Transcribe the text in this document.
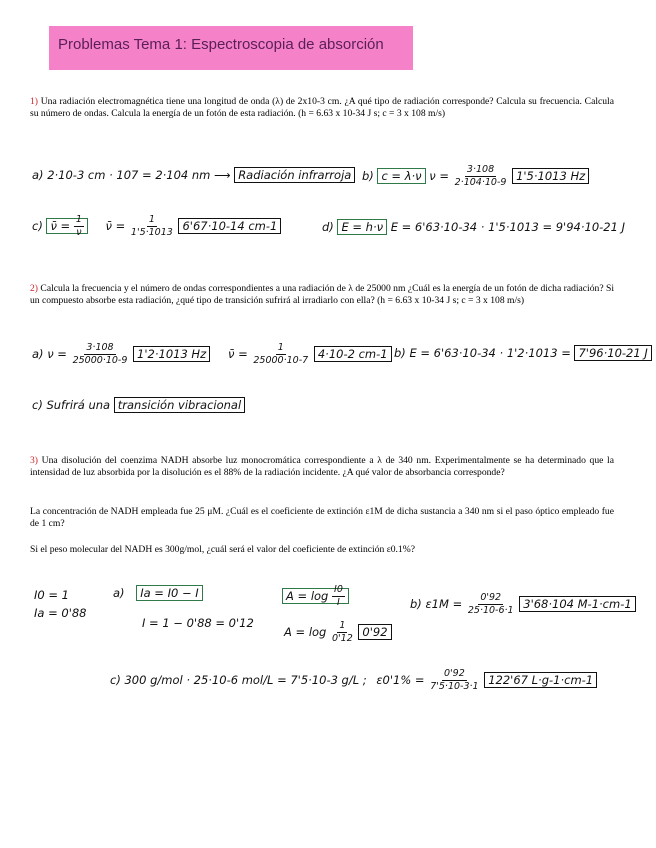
Problemas Tema 1: Espectroscopia de absorción
1) Una radiación electromagnética tiene una longitud de onda (λ) de 2x10-3 cm. ¿A qué tipo de radiación corresponde? Calcula su frecuencia. Calcula su número de ondas. Calcula la energía de un fotón de esta radiación. (h = 6.63 x 10-34 J s; c = 3 x 108 m/s)
a) 2·10-3 cm · 107 = 2·104 nm ⟶ Radiación infrarroja b) c = λ·ν $\nu = \frac{3\cdot 108}{2\cdot 104\cdot 10-9} 1'5\cdot 1013$ Hz
c) ν̄ = $\frac{1}{\nu}$ ν̄ = $\frac{1}{1'5\cdot 1013} 6'67\cdot 10-14$ cm-1	d) E = h·ν E = 6'63·10-34 · 1'5·1013 = 9'94·10-21 J
2) Calcula la frecuencia y el número de ondas correspondientes a una radiación de λ de 25000 nm ¿Cuál es la energía de un fotón de dicha radiación? Si un compuesto absorbe esta radiación, ¿qué tipo de transición sufrirá al irradiarlo con ella? (h = 6.63 x 10-34 J s; c = 3 x 108 m/s)
a) $\nu = \frac{3\cdot 108}{25000\cdot 10-9} 1'2\cdot 1013$ Hz	ν̄ = $\frac{1}{25000\cdot 10-7} 4\cdot 10-2$ cm-1 b) E = 6'63·10-34 · 1'2·1013 = 7'96·10-21 J
c) Sufrirá una transición vibracional
3) Una disolución del coenzima NADH absorbe luz monocromática correspondiente a λ de 340 nm. Experimentalmente se ha determinado que la intensidad de luz absorbida por la disolución es el 88% de la radiación incidente. ¿A qué valor de absorbancia corresponde?
La concentración de NADH empleada fue 25 μM. ¿Cuál es el coeficiente de extinción ε1M de dicha sustancia a 340 nm si el paso óptico empleado fue de 1 cm?
Si el peso molecular del NADH es 300g/mol, ¿cuál será el valor del coeficiente de extinción ε0.1%?
I0 = 1
Ia = 0'88
a) Ia = I0 − I
I = 1 − 0'88 = 0'12
$A = \log \frac{I0}{I}$
$A = \log \frac{1}{0'12} 0'92$
b) $\varepsilon 1M = \frac{0'92}{25\cdot 10-6\cdot 1} 3'68\cdot 104$ M-1·cm-1
c) 300 g/mol · 25·10-6 mol/L = 7'5·10-3 g/L ; $\varepsilon 0'1\% = \frac{0'92}{7'5\cdot 10-3\cdot 1} 122'67$ L·g-1·cm-1
